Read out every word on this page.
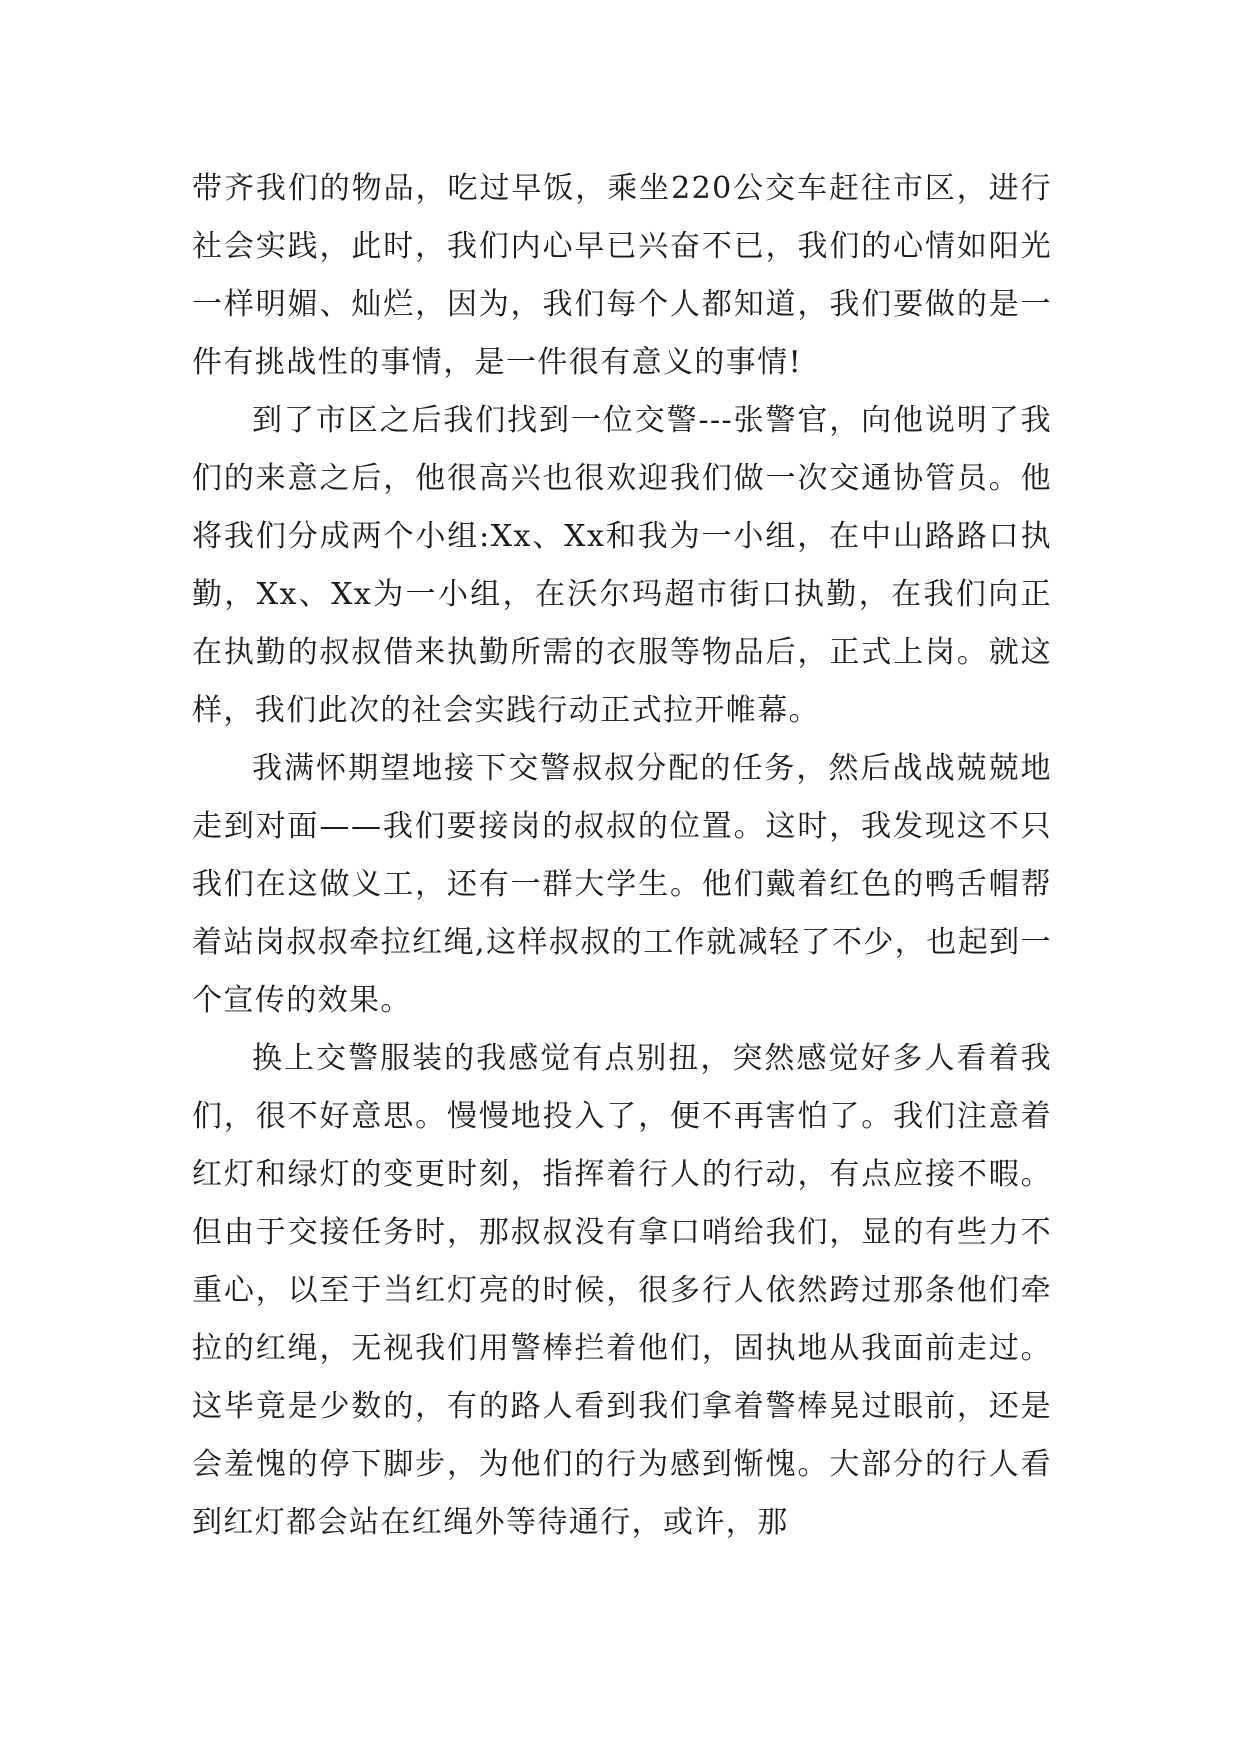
带齐我们的物品，吃过早饭，乘坐220公交车赶往市区，进行社会实践，此时，我们内心早已兴奋不已，我们的心情如阳光一样明媚、灿烂，因为，我们每个人都知道，我们要做的是一件有挑战性的事情，是一件很有意义的事情!

到了市区之后我们找到一位交警---张警官，向他说明了我们的来意之后，他很高兴也很欢迎我们做一次交通协管员。他将我们分成两个小组:Xx、Xx和我为一小组，在中山路路口执勤，Xx、Xx为一小组，在沃尔玛超市街口执勤，在我们向正在执勤的叔叔借来执勤所需的衣服等物品后，正式上岗。就这样，我们此次的社会实践行动正式拉开帷幕。

我满怀期望地接下交警叔叔分配的任务，然后战战兢兢地走到对面——我们要接岗的叔叔的位置。这时，我发现这不只我们在这做义工，还有一群大学生。他们戴着红色的鸭舌帽帮着站岗叔叔牵拉红绳,这样叔叔的工作就减轻了不少，也起到一个宣传的效果。

换上交警服装的我感觉有点别扭，突然感觉好多人看着我们，很不好意思。慢慢地投入了，便不再害怕了。我们注意着红灯和绿灯的变更时刻，指挥着行人的行动，有点应接不暇。但由于交接任务时，那叔叔没有拿口哨给我们，显的有些力不重心，以至于当红灯亮的时候，很多行人依然跨过那条他们牵拉的红绳，无视我们用警棒拦着他们，固执地从我面前走过。这毕竟是少数的，有的路人看到我们拿着警棒晃过眼前，还是会羞愧的停下脚步，为他们的行为感到惭愧。大部分的行人看到红灯都会站在红绳外等待通行，或许，那
